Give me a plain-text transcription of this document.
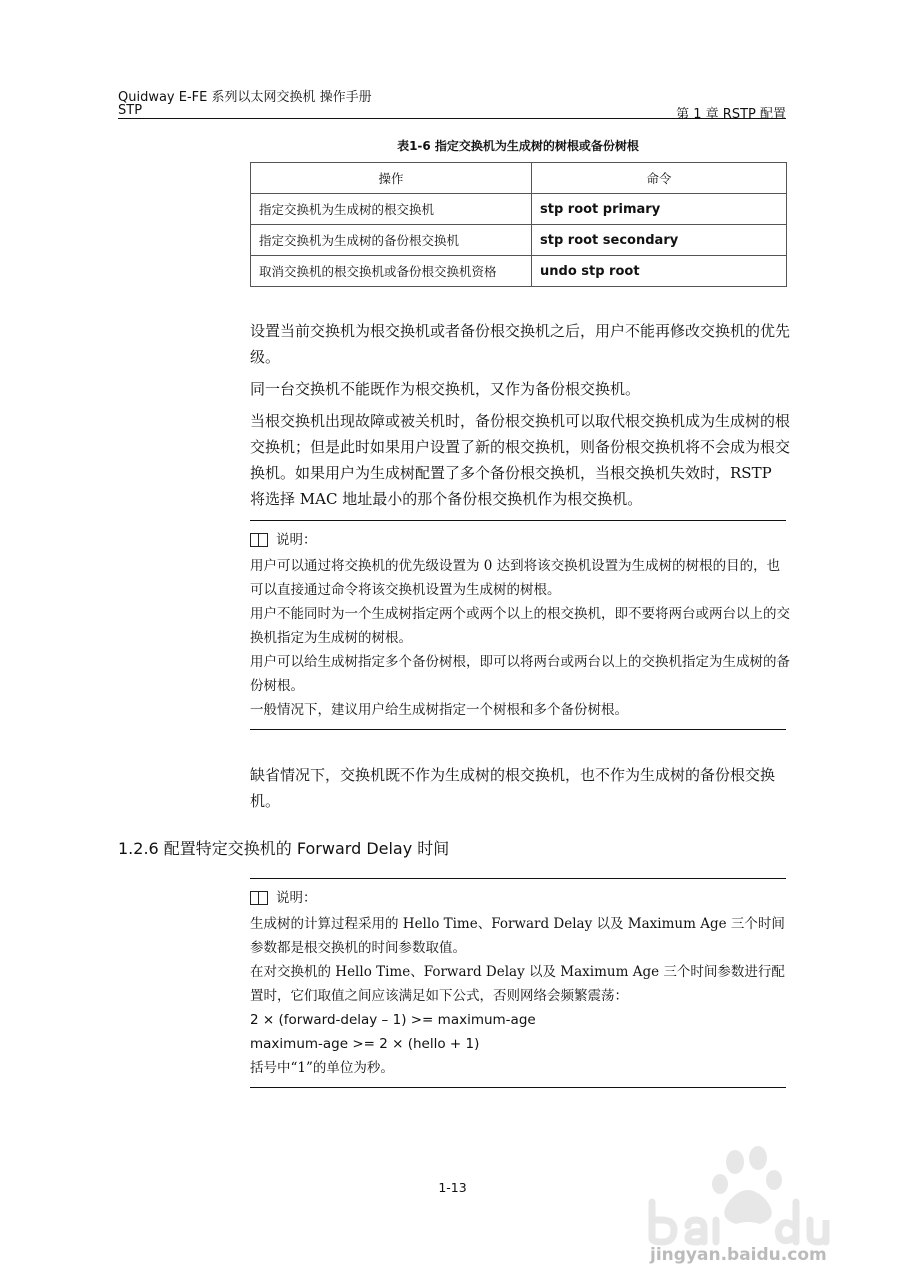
Quidway E-FE 系列以太网交换机 操作手册
STP	第 1 章 RSTP 配置
表1-6 指定交换机为生成树的树根或备份树根
操作	命令
指定交换机为生成树的根交换机	stp root primary
指定交换机为生成树的备份根交换机	stp root secondary
取消交换机的根交换机或备份根交换机资格	undo stp root

设置当前交换机为根交换机或者备份根交换机之后，用户不能再修改交换机的优先级。

同一台交换机不能既作为根交换机，又作为备份根交换机。

当根交换机出现故障或被关机时，备份根交换机可以取代根交换机成为生成树的根交换机；但是此时如果用户设置了新的根交换机，则备份根交换机将不会成为根交换机。如果用户为生成树配置了多个备份根交换机，当根交换机失效时，RSTP 将选择 MAC 地址最小的那个备份根交换机作为根交换机。

说明：

用户可以通过将交换机的优先级设置为 0 达到将该交换机设置为生成树的树根的目的，也可以直接通过命令将该交换机设置为生成树的树根。

用户不能同时为一个生成树指定两个或两个以上的根交换机，即不要将两台或两台以上的交换机指定为生成树的树根。

用户可以给生成树指定多个备份树根，即可以将两台或两台以上的交换机指定为生成树的备份树根。

一般情况下，建议用户给生成树指定一个树根和多个备份树根。

缺省情况下，交换机既不作为生成树的根交换机，也不作为生成树的备份根交换机。

1.2.6 配置特定交换机的 Forward Delay 时间
说明：

生成树的计算过程采用的 Hello Time、Forward Delay 以及 Maximum Age 三个时间参数都是根交换机的时间参数取值。

在对交换机的 Hello Time、Forward Delay 以及 Maximum Age 三个时间参数进行配置时，它们取值之间应该满足如下公式，否则网络会频繁震荡：

2 × (forward-delay – 1) >= maximum-age

maximum-age >= 2 × (hello + 1)

括号中“1”的单位为秒。

1-13
jingyan.baidu.com
